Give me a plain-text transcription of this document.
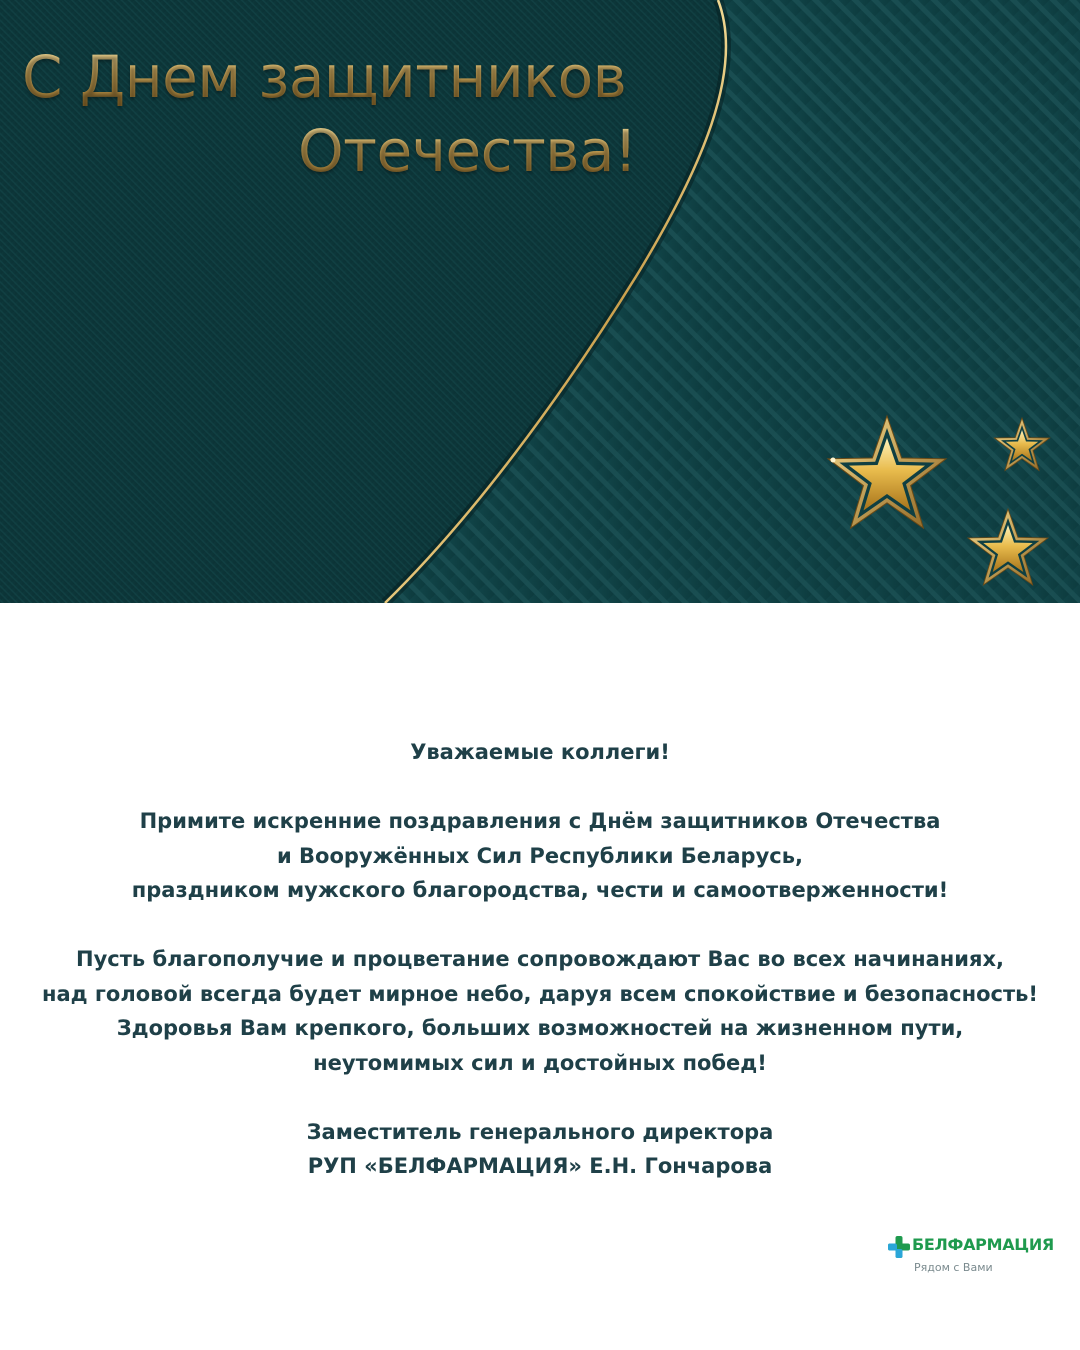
С Днем защитников
Отечества!

Уважаемые коллеги!

Примите искренние поздравления с Днём защитников Отечества

и Вооружённых Сил Республики Беларусь,

праздником мужского благородства, чести и самоотверженности!

Пусть благополучие и процветание сопровождают Вас во всех начинаниях,

над головой всегда будет мирное небо, даруя всем спокойствие и безопасность!

Здоровья Вам крепкого, больших возможностей на жизненном пути,

неутомимых сил и достойных побед!

Заместитель генерального директора

РУП «БЕЛФАРМАЦИЯ» Е.Н. Гончарова

БЕЛФАРМАЦИЯ
Рядом с Вами
